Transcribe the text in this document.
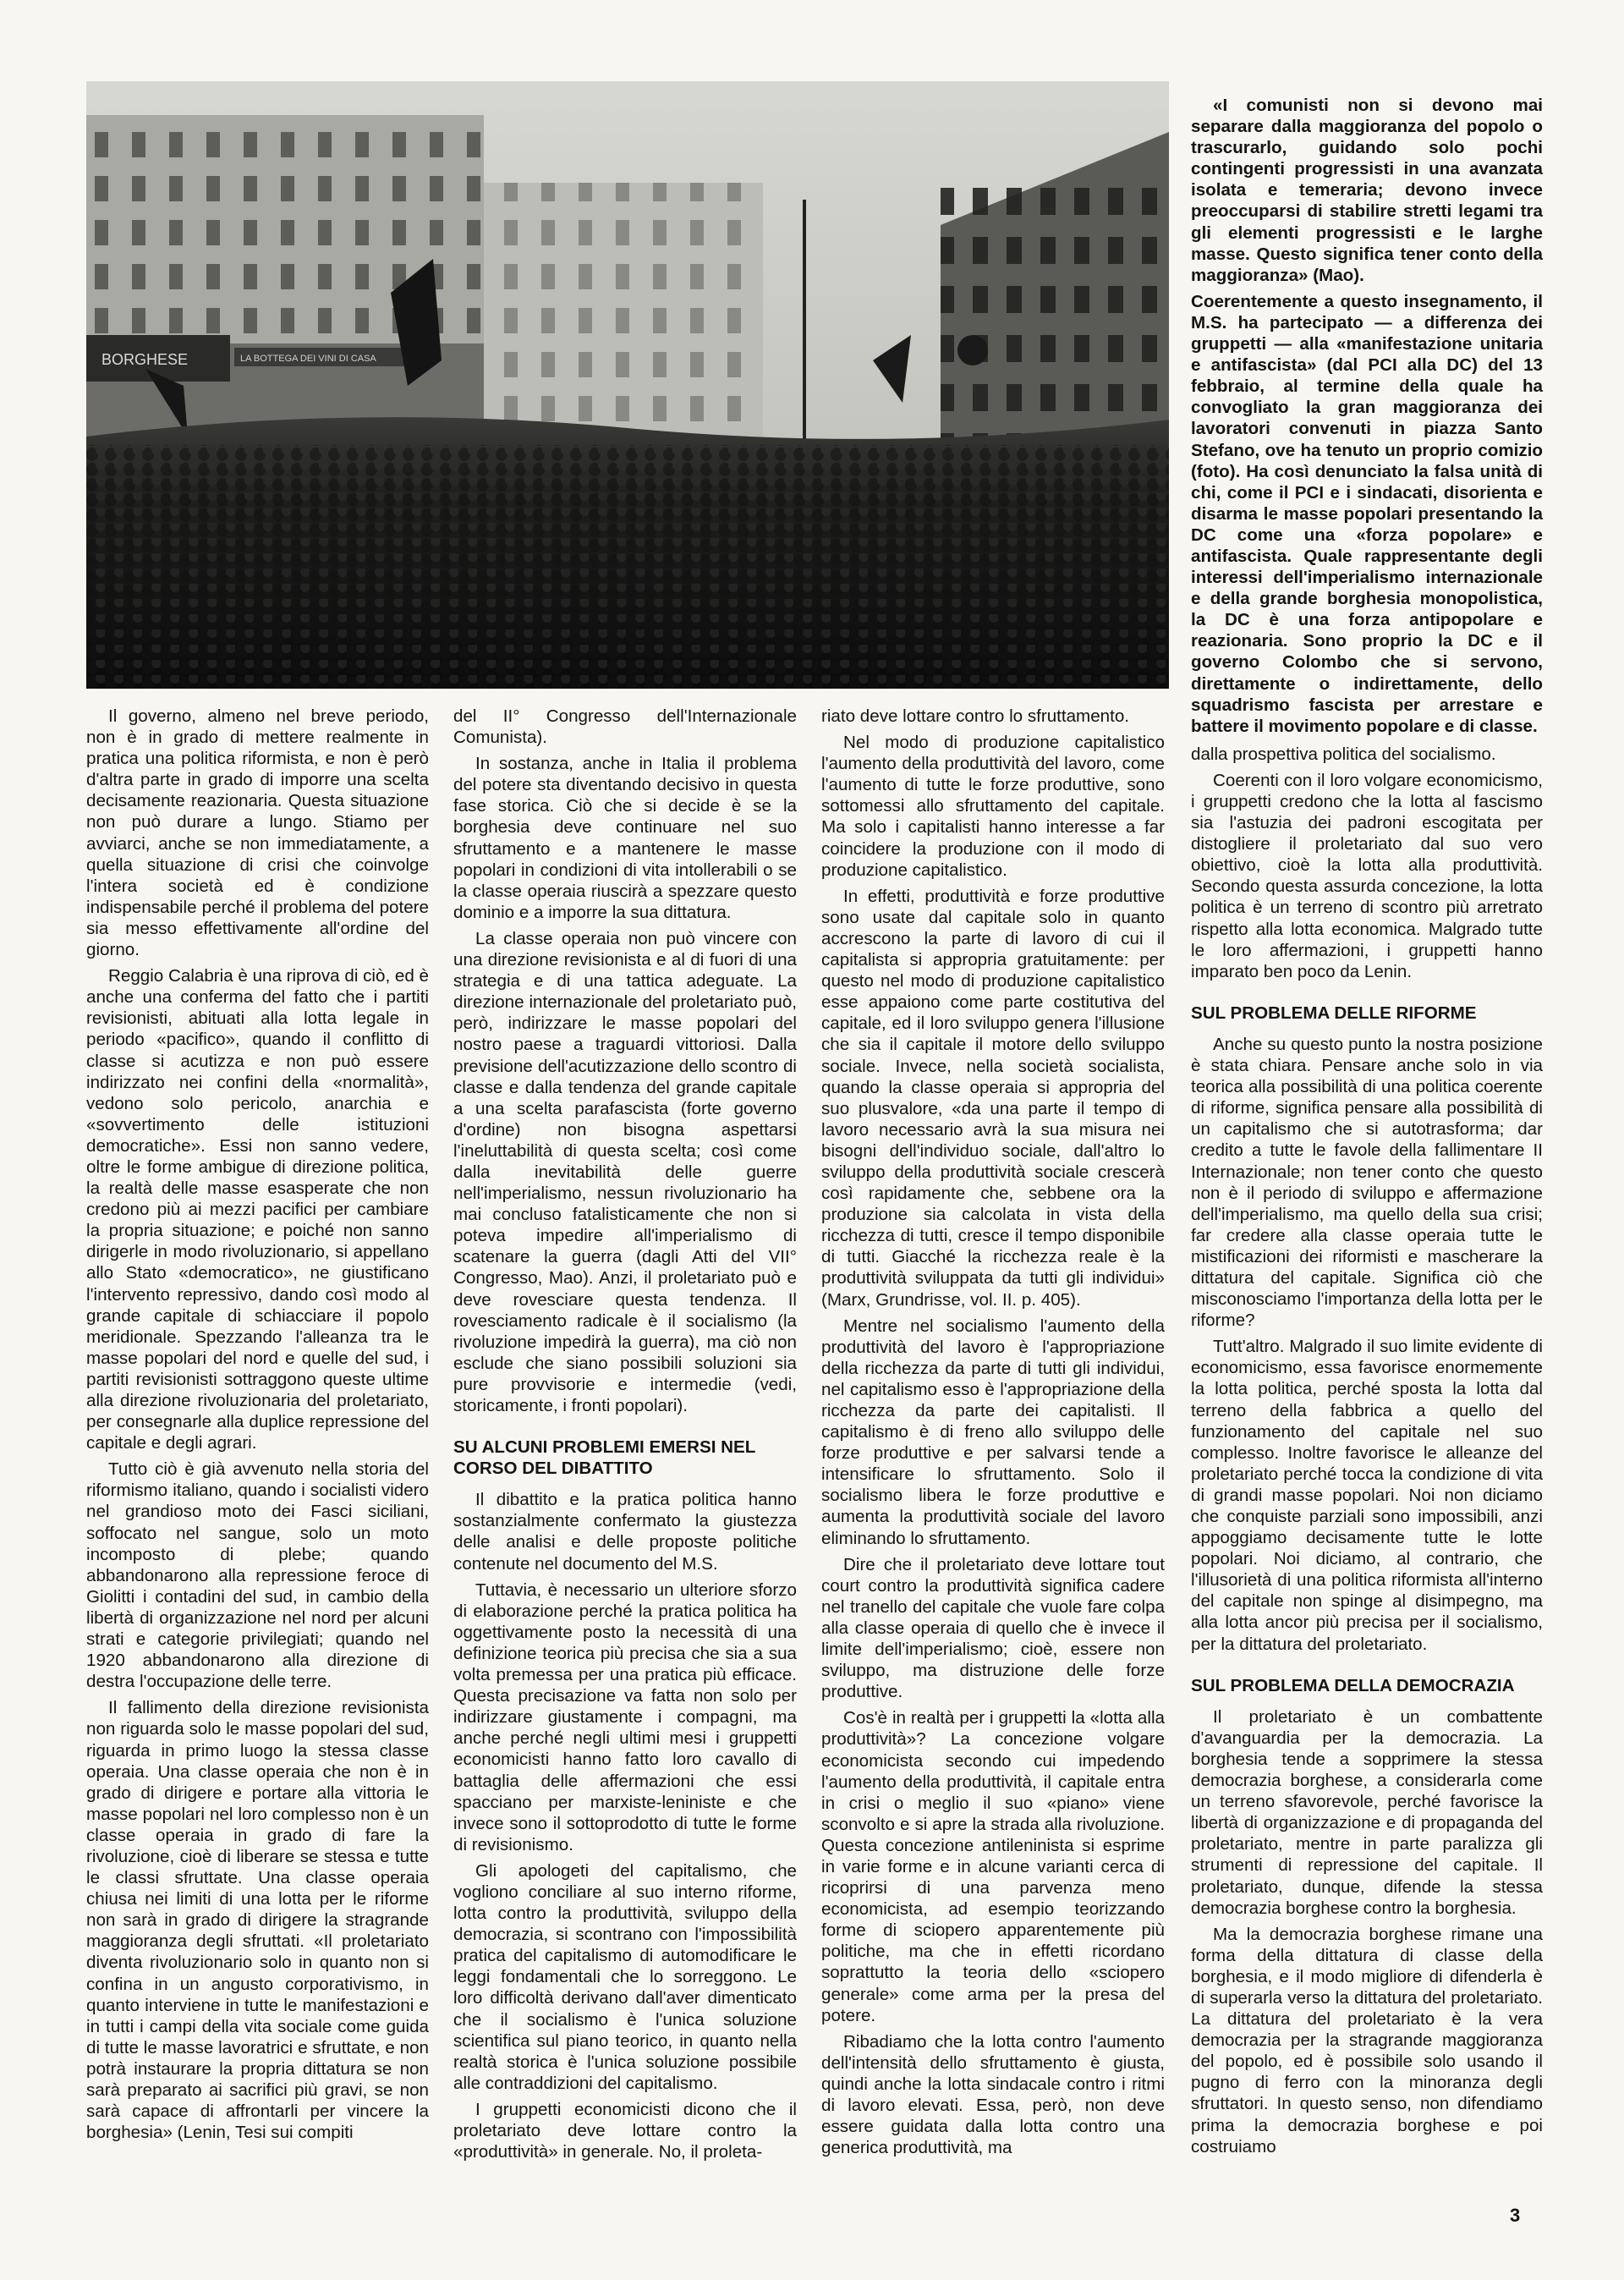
BORGHESE	LA BOTTEGA DEI VINI DI CASA

Il governo, almeno nel breve periodo, non è in grado di mettere realmente in pratica una politica riformista, e non è però d'altra parte in grado di imporre una scelta decisamente reazionaria. Questa situazione non può durare a lungo. Stiamo per avviarci, anche se non immediatamente, a quella situazione di crisi che coinvolge l'intera società ed è condizione indispensabile perché il problema del potere sia messo effettivamente all'ordine del giorno.

Reggio Calabria è una riprova di ciò, ed è anche una conferma del fatto che i partiti revisionisti, abituati alla lotta legale in periodo «pacifico», quando il conflitto di classe si acutizza e non può essere indirizzato nei confini della «normalità», vedono solo pericolo, anarchia e «sovvertimento delle istituzioni democratiche». Essi non sanno vedere, oltre le forme ambigue di direzione politica, la realtà delle masse esasperate che non credono più ai mezzi pacifici per cambiare la propria situazione; e poiché non sanno dirigerle in modo rivoluzionario, si appellano allo Stato «democratico», ne giustificano l'intervento repressivo, dando così modo al grande capitale di schiacciare il popolo meridionale. Spezzando l'alleanza tra le masse popolari del nord e quelle del sud, i partiti revisionisti sottraggono queste ultime alla direzione rivoluzionaria del proletariato, per consegnarle alla duplice repressione del capitale e degli agrari.

Tutto ciò è già avvenuto nella storia del riformismo italiano, quando i socialisti videro nel grandioso moto dei Fasci siciliani, soffocato nel sangue, solo un moto incomposto di plebe; quando abbandonarono alla repressione feroce di Giolitti i contadini del sud, in cambio della libertà di organizzazione nel nord per alcuni strati e categorie privilegiati; quando nel 1920 abbandonarono alla direzione di destra l'occupazione delle terre.

Il fallimento della direzione revisionista non riguarda solo le masse popolari del sud, riguarda in primo luogo la stessa classe operaia. Una classe operaia che non è in grado di dirigere e portare alla vittoria le masse popolari nel loro complesso non è un classe operaia in grado di fare la rivoluzione, cioè di liberare se stessa e tutte le classi sfruttate. Una classe operaia chiusa nei limiti di una lotta per le riforme non sarà in grado di dirigere la stragrande maggioranza degli sfruttati. «Il proletariato diventa rivoluzionario solo in quanto non si confina in un angusto corporativismo, in quanto interviene in tutte le manifestazioni e in tutti i campi della vita sociale come guida di tutte le masse lavoratrici e sfruttate, e non potrà instaurare la propria dittatura se non sarà preparato ai sacrifici più gravi, se non sarà capace di affrontarli per vincere la borghesia» (Lenin, Tesi sui compiti

del II° Congresso dell'Internazionale Comunista).

In sostanza, anche in Italia il problema del potere sta diventando decisivo in questa fase storica. Ciò che si decide è se la borghesia deve continuare nel suo sfruttamento e a mantenere le masse popolari in condizioni di vita intollerabili o se la classe operaia riuscirà a spezzare questo dominio e a imporre la sua dittatura.

La classe operaia non può vincere con una direzione revisionista e al di fuori di una strategia e di una tattica adeguate. La direzione internazionale del proletariato può, però, indirizzare le masse popolari del nostro paese a traguardi vittoriosi. Dalla previsione dell'acutizzazione dello scontro di classe e dalla tendenza del grande capitale a una scelta parafascista (forte governo d'ordine) non bisogna aspettarsi l'ineluttabilità di questa scelta; così come dalla inevitabilità delle guerre nell'imperialismo, nessun rivoluzionario ha mai concluso fatalisticamente che non si poteva impedire all'imperialismo di scatenare la guerra (dagli Atti del VII° Congresso, Mao). Anzi, il proletariato può e deve rovesciare questa tendenza. Il rovesciamento radicale è il socialismo (la rivoluzione impedirà la guerra), ma ciò non esclude che siano possibili soluzioni sia pure provvisorie e intermedie (vedi, storicamente, i fronti popolari).

SU ALCUNI PROBLEMI EMERSI NEL CORSO DEL DIBATTITO

Il dibattito e la pratica politica hanno sostanzialmente confermato la giustezza delle analisi e delle proposte politiche contenute nel documento del M.S.

Tuttavia, è necessario un ulteriore sforzo di elaborazione perché la pratica politica ha oggettivamente posto la necessità di una definizione teorica più precisa che sia a sua volta premessa per una pratica più efficace. Questa precisazione va fatta non solo per indirizzare giustamente i compagni, ma anche perché negli ultimi mesi i gruppetti economicisti hanno fatto loro cavallo di battaglia delle affermazioni che essi spacciano per marxiste-leniniste e che invece sono il sottoprodotto di tutte le forme di revisionismo.

Gli apologeti del capitalismo, che vogliono conciliare al suo interno riforme, lotta contro la produttività, sviluppo della democrazia, si scontrano con l'impossibilità pratica del capitalismo di automodificare le leggi fondamentali che lo sorreggono. Le loro difficoltà derivano dall'aver dimenticato che il socialismo è l'unica soluzione scientifica sul piano teorico, in quanto nella realtà storica è l'unica soluzione possibile alle contraddizioni del capitalismo.

I gruppetti economicisti dicono che il proletariato deve lottare contro la «produttività» in generale. No, il proleta-

riato deve lottare contro lo sfruttamento.

Nel modo di produzione capitalistico l'aumento della produttività del lavoro, come l'aumento di tutte le forze produttive, sono sottomessi allo sfruttamento del capitale. Ma solo i capitalisti hanno interesse a far coincidere la produzione con il modo di produzione capitalistico.

In effetti, produttività e forze produttive sono usate dal capitale solo in quanto accrescono la parte di lavoro di cui il capitalista si appropria gratuitamente: per questo nel modo di produzione capitalistico esse appaiono come parte costitutiva del capitale, ed il loro sviluppo genera l'illusione che sia il capitale il motore dello sviluppo sociale. Invece, nella società socialista, quando la classe operaia si appropria del suo plusvalore, «da una parte il tempo di lavoro necessario avrà la sua misura nei bisogni dell'individuo sociale, dall'altro lo sviluppo della produttività sociale crescerà così rapidamente che, sebbene ora la produzione sia calcolata in vista della ricchezza di tutti, cresce il tempo disponibile di tutti. Giacché la ricchezza reale è la produttività sviluppata da tutti gli individui» (Marx, Grundrisse, vol. II. p. 405).

Mentre nel socialismo l'aumento della produttività del lavoro è l'appropriazione della ricchezza da parte di tutti gli individui, nel capitalismo esso è l'appropriazione della ricchezza da parte dei capitalisti. Il capitalismo è di freno allo sviluppo delle forze produttive e per salvarsi tende a intensificare lo sfruttamento. Solo il socialismo libera le forze produttive e aumenta la produttività sociale del lavoro eliminando lo sfruttamento.

Dire che il proletariato deve lottare tout court contro la produttività significa cadere nel tranello del capitale che vuole fare colpa alla classe operaia di quello che è invece il limite dell'imperialismo; cioè, essere non sviluppo, ma distruzione delle forze produttive.

Cos'è in realtà per i gruppetti la «lotta alla produttività»? La concezione volgare economicista secondo cui impedendo l'aumento della produttività, il capitale entra in crisi o meglio il suo «piano» viene sconvolto e si apre la strada alla rivoluzione. Questa concezione antileninista si esprime in varie forme e in alcune varianti cerca di ricoprirsi di una parvenza meno economicista, ad esempio teorizzando forme di sciopero apparentemente più politiche, ma che in effetti ricordano soprattutto la teoria dello «sciopero generale» come arma per la presa del potere.

Ribadiamo che la lotta contro l'aumento dell'intensità dello sfruttamento è giusta, quindi anche la lotta sindacale contro i ritmi di lavoro elevati. Essa, però, non deve essere guidata dalla lotta contro una generica produttività, ma

«I comunisti non si devono mai separare dalla maggioranza del popolo o trascurarlo, guidando solo pochi contingenti progressisti in una avanzata isolata e temeraria; devono invece preoccuparsi di stabilire stretti legami tra gli elementi progressisti e le larghe masse. Questo significa tener conto della maggioranza» (Mao).

Coerentemente a questo insegnamento, il M.S. ha partecipato — a differenza dei gruppetti — alla «manifestazione unitaria e antifascista» (dal PCI alla DC) del 13 febbraio, al termine della quale ha convogliato la gran maggioranza dei lavoratori convenuti in piazza Santo Stefano, ove ha tenuto un proprio comizio (foto). Ha così denunciato la falsa unità di chi, come il PCI e i sindacati, disorienta e disarma le masse popolari presentando la DC come una «forza popolare» e antifascista. Quale rappresentante degli interessi dell'imperialismo internazionale e della grande borghesia monopolistica, la DC è una forza antipopolare e reazionaria. Sono proprio la DC e il governo Colombo che si servono, direttamente o indirettamente, dello squadrismo fascista per arrestare e battere il movimento popolare e di classe.

dalla prospettiva politica del socialismo.

Coerenti con il loro volgare economicismo, i gruppetti credono che la lotta al fascismo sia l'astuzia dei padroni escogitata per distogliere il proletariato dal suo vero obiettivo, cioè la lotta alla produttività. Secondo questa assurda concezione, la lotta politica è un terreno di scontro più arretrato rispetto alla lotta economica. Malgrado tutte le loro affermazioni, i gruppetti hanno imparato ben poco da Lenin.

SUL PROBLEMA DELLE RIFORME

Anche su questo punto la nostra posizione è stata chiara. Pensare anche solo in via teorica alla possibilità di una politica coerente di riforme, significa pensare alla possibilità di un capitalismo che si autotrasforma; dar credito a tutte le favole della fallimentare II Internazionale; non tener conto che questo non è il periodo di sviluppo e affermazione dell'imperialismo, ma quello della sua crisi; far credere alla classe operaia tutte le mistificazioni dei riformisti e mascherare la dittatura del capitale. Significa ciò che misconosciamo l'importanza della lotta per le riforme?

Tutt'altro. Malgrado il suo limite evidente di economicismo, essa favorisce enormemente la lotta politica, perché sposta la lotta dal terreno della fabbrica a quello del funzionamento del capitale nel suo complesso. Inoltre favorisce le alleanze del proletariato perché tocca la condizione di vita di grandi masse popolari. Noi non diciamo che conquiste parziali sono impossibili, anzi appoggiamo decisamente tutte le lotte popolari. Noi diciamo, al contrario, che l'illusorietà di una politica riformista all'interno del capitale non spinge al disimpegno, ma alla lotta ancor più precisa per il socialismo, per la dittatura del proletariato.

SUL PROBLEMA DELLA DEMOCRAZIA

Il proletariato è un combattente d'avanguardia per la democrazia. La borghesia tende a sopprimere la stessa democrazia borghese, a considerarla come un terreno sfavorevole, perché favorisce la libertà di organizzazione e di propaganda del proletariato, mentre in parte paralizza gli strumenti di repressione del capitale. Il proletariato, dunque, difende la stessa democrazia borghese contro la borghesia.

Ma la democrazia borghese rimane una forma della dittatura di classe della borghesia, e il modo migliore di difenderla è di superarla verso la dittatura del proletariato. La dittatura del proletariato è la vera democrazia per la stragrande maggioranza del popolo, ed è possibile solo usando il pugno di ferro con la minoranza degli sfruttatori. In questo senso, non difendiamo prima la democrazia borghese e poi costruiamo

3
